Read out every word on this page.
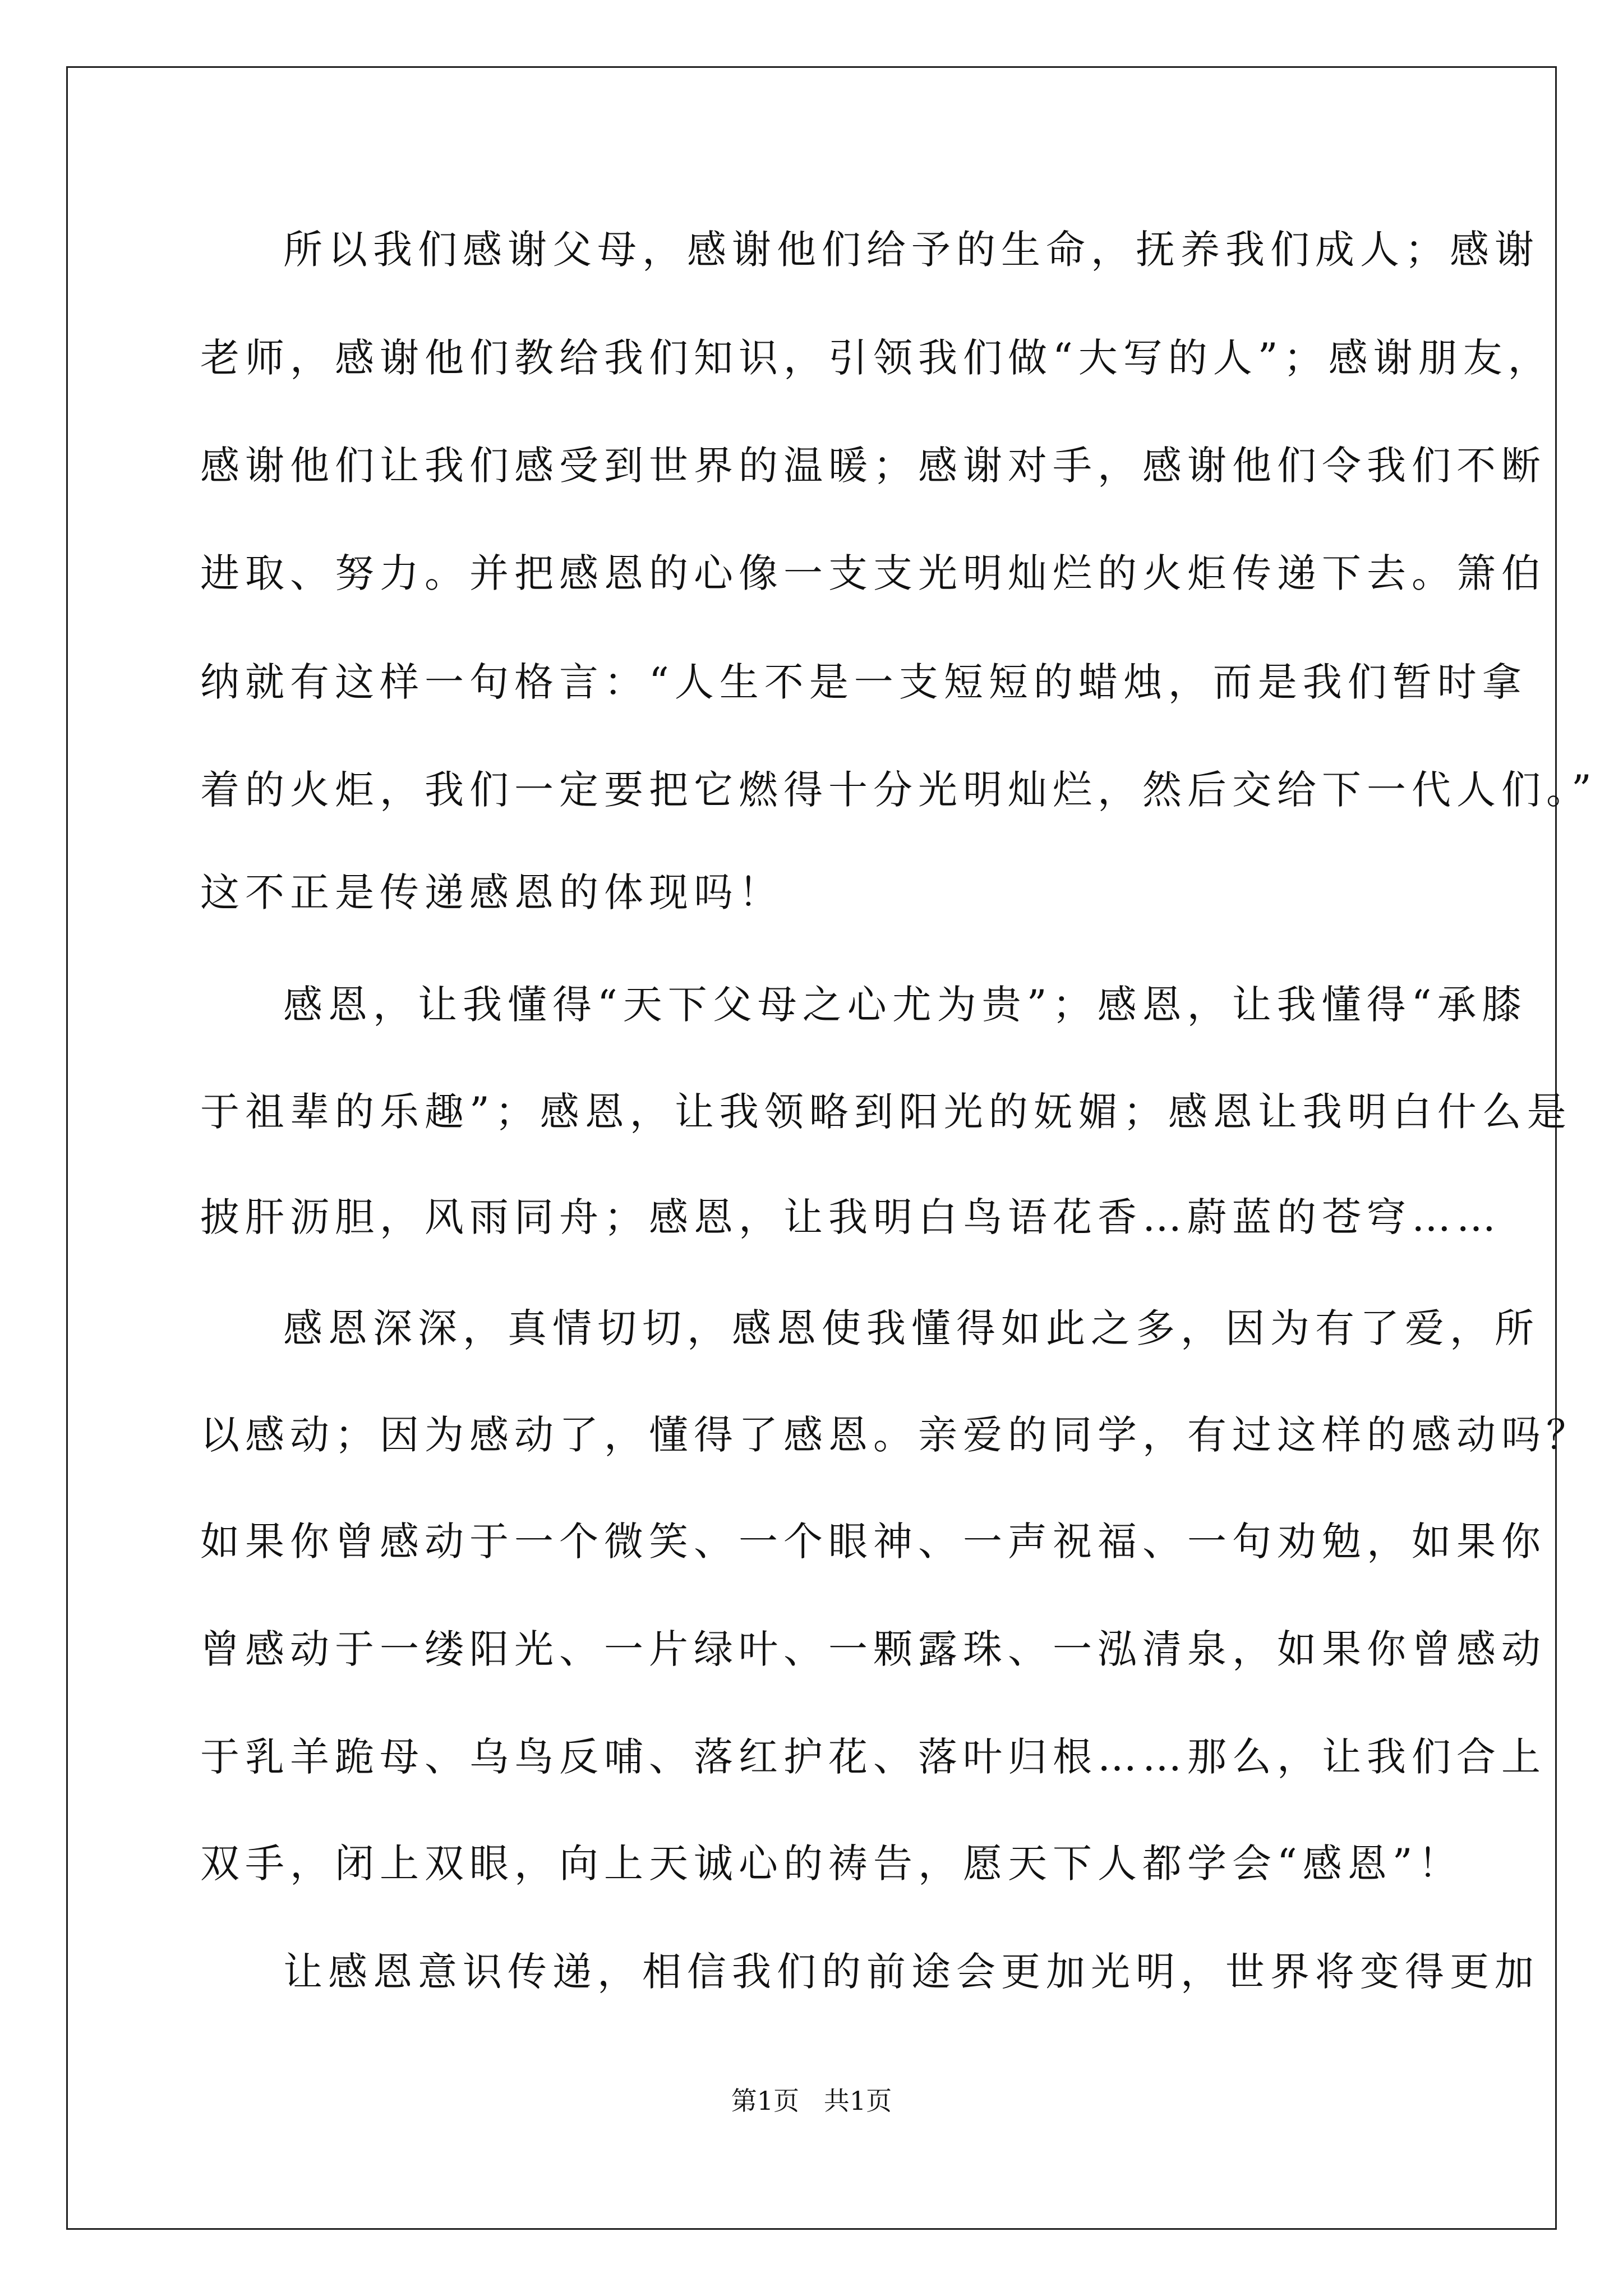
所以我们感谢父母，感谢他们给予的生命，抚养我们成人；感谢
老师，感谢他们教给我们知识，引领我们做“大写的人”；感谢朋友，
感谢他们让我们感受到世界的温暖；感谢对手，感谢他们令我们不断
进取、努力。并把感恩的心像一支支光明灿烂的火炬传递下去。箫伯
纳就有这样一句格言：“人生不是一支短短的蜡烛，而是我们暂时拿
着的火炬，我们一定要把它燃得十分光明灿烂，然后交给下一代人们。”
这不正是传递感恩的体现吗！
感恩，让我懂得“天下父母之心尤为贵”；感恩，让我懂得“承膝
于祖辈的乐趣”；感恩，让我领略到阳光的妩媚；感恩让我明白什么是
披肝沥胆，风雨同舟；感恩，让我明白鸟语花香…蔚蓝的苍穹……
感恩深深，真情切切，感恩使我懂得如此之多，因为有了爱，所
以感动；因为感动了，懂得了感恩。亲爱的同学，有过这样的感动吗？
如果你曾感动于一个微笑、一个眼神、一声祝福、一句劝勉，如果你
曾感动于一缕阳光、一片绿叶、一颗露珠、一泓清泉，如果你曾感动
于乳羊跪母、乌鸟反哺、落红护花、落叶归根……那么，让我们合上
双手，闭上双眼，向上天诚心的祷告，愿天下人都学会“感恩”！
让感恩意识传递，相信我们的前途会更加光明，世界将变得更加
第1页   共1页
